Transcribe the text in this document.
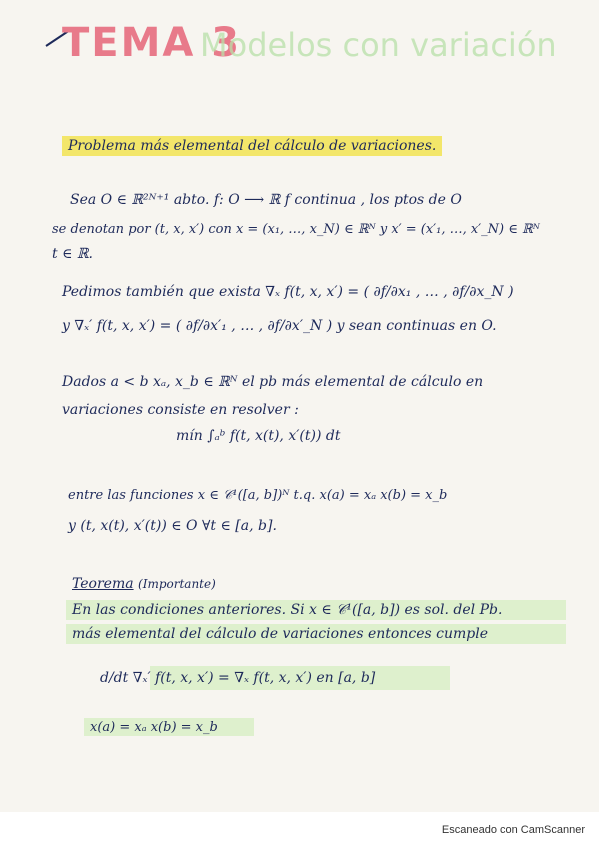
TEMA 3
Modelos con variación
Problema más elemental del cálculo de variaciones.
Sea O ∈ ℝ²ᴺ⁺¹ abto. f: O ⟶ ℝ f continua , los ptos de O
se denotan por (t, x, x′) con x = (x₁, …, x_N) ∈ ℝᴺ y x′ = (x′₁, …, x′_N) ∈ ℝᴺ
t ∈ ℝ.
Pedimos también que exista ∇ₓ f(t, x, x′) = ( ∂f/∂x₁ , … , ∂f/∂x_N )
y ∇ₓ′ f(t, x, x′) = ( ∂f/∂x′₁ , … , ∂f/∂x′_N ) y sean continuas en O.
Dados a < b xₐ, x_b ∈ ℝᴺ el pb más elemental de cálculo en
variaciones consiste en resolver :
mín ∫ₐᵇ f(t, x(t), x′(t)) dt
entre las funciones x ∈ 𝒞¹([a, b])ᴺ t.q. x(a) = xₐ x(b) = x_b
y (t, x(t), x′(t)) ∈ O ∀t ∈ [a, b].
Teorema (Importante)
En las condiciones anteriores. Si x ∈ 𝒞¹([a, b]) es sol. del Pb.
más elemental del cálculo de variaciones entonces cumple
d/dt ∇ₓ′ f(t, x, x′) = ∇ₓ f(t, x, x′) en [a, b]
x(a) = xₐ x(b) = x_b
Escaneado con CamScanner
